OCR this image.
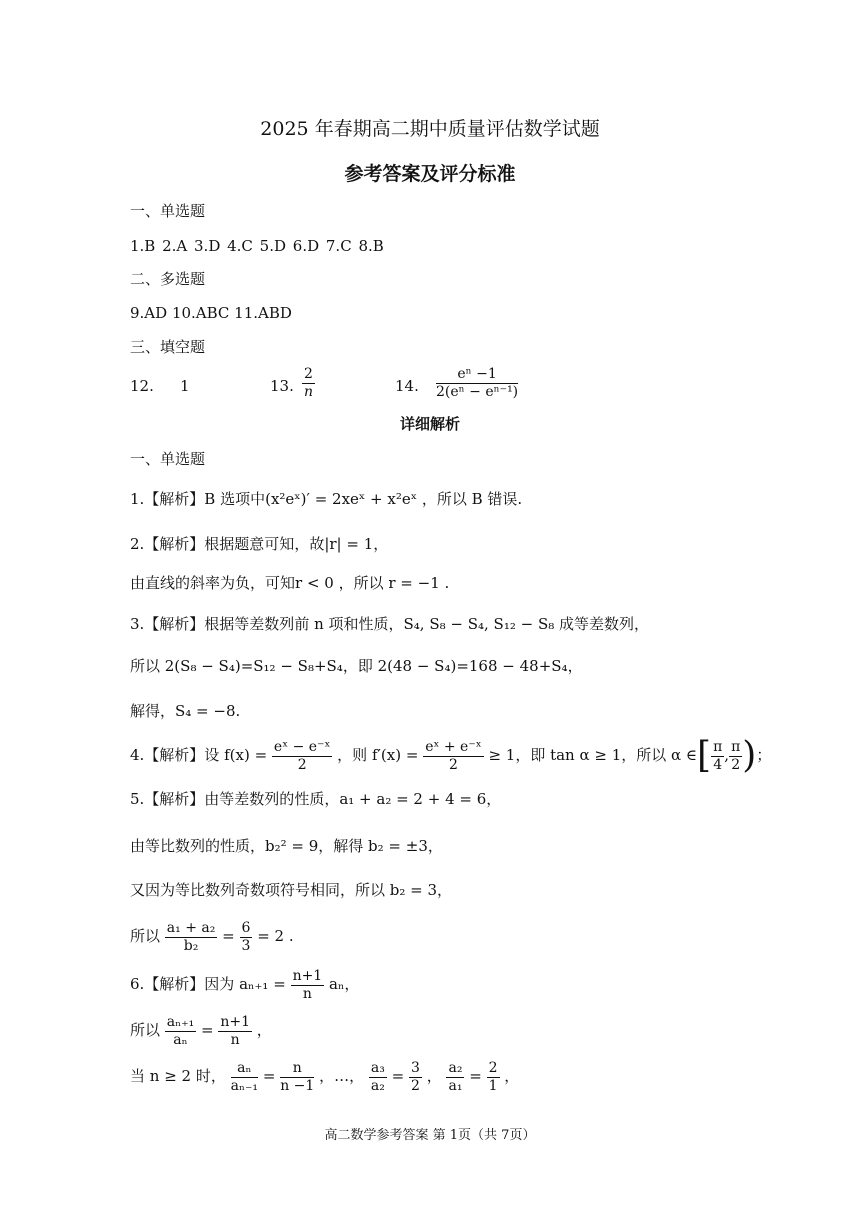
2025 年春期高二期中质量评估数学试题
参考答案及评分标准
一、单选题
1.B 2.A 3.D 4.C 5.D 6.D 7.C 8.B
二、多选题
9.AD 10.ABC 11.ABD
三、填空题
12. 1	13. $\frac{2}{n}$	14. $\frac{\text{eⁿ −1}}{\text{2(eⁿ − eⁿ⁻¹)}}$
详细解析
一、单选题
1.【解析】B 选项中(x²eˣ)′ = 2xeˣ + x²eˣ ，所以 B 错误.
2.【解析】根据题意可知，故|r| = 1，
由直线的斜率为负，可知r < 0 ，所以 r = −1 .
3.【解析】根据等差数列前 n 项和性质，S₄, S₈ − S₄, S₁₂ − S₈ 成等差数列，
所以 2(S₈ − S₄)=S₁₂ − S₈+S₄，即 2(48 − S₄)=168 − 48+S₄，
解得，S₄ = −8.
4.【解析】设 $f(x) = \frac{\text{eˣ − e⁻ˣ}}{2}$ ，则 $f'(x) = \frac{\text{eˣ + e⁻ˣ}}{2} \ge 1$，即 tan α ≥ 1，所以 α ∈[ $\frac{\pi}{4}$ , $\frac{\pi}{2}$ )；
5.【解析】由等差数列的性质，a₁ + a₂ = 2 + 4 = 6，
由等比数列的性质，b₂² = 9，解得 b₂ = ±3，
又因为等比数列奇数项符号相同，所以 b₂ = 3，
所以 $\frac{\text{a₁ + a₂}}{\text{b₂}} = \frac{6}{3} = 2$ .
6.【解析】因为 $a_{n+1} = \frac{n+1}{n}$ aₙ，
所以 $\frac{\text{aₙ₊₁}}{\text{aₙ}} = \frac{n+1}{n}$ ，
当 n ≥ 2 时， $\frac{\text{aₙ}}{\text{aₙ₋₁}} = \frac{n}{n -1}$ ，…， $\frac{\text{a₃}}{\text{a₂}} = \frac{3}{2}$ ， $\frac{\text{a₂}}{\text{a₁}} = \frac{2}{1}$ ，
高二数学参考答案 第 1页（共 7页）
